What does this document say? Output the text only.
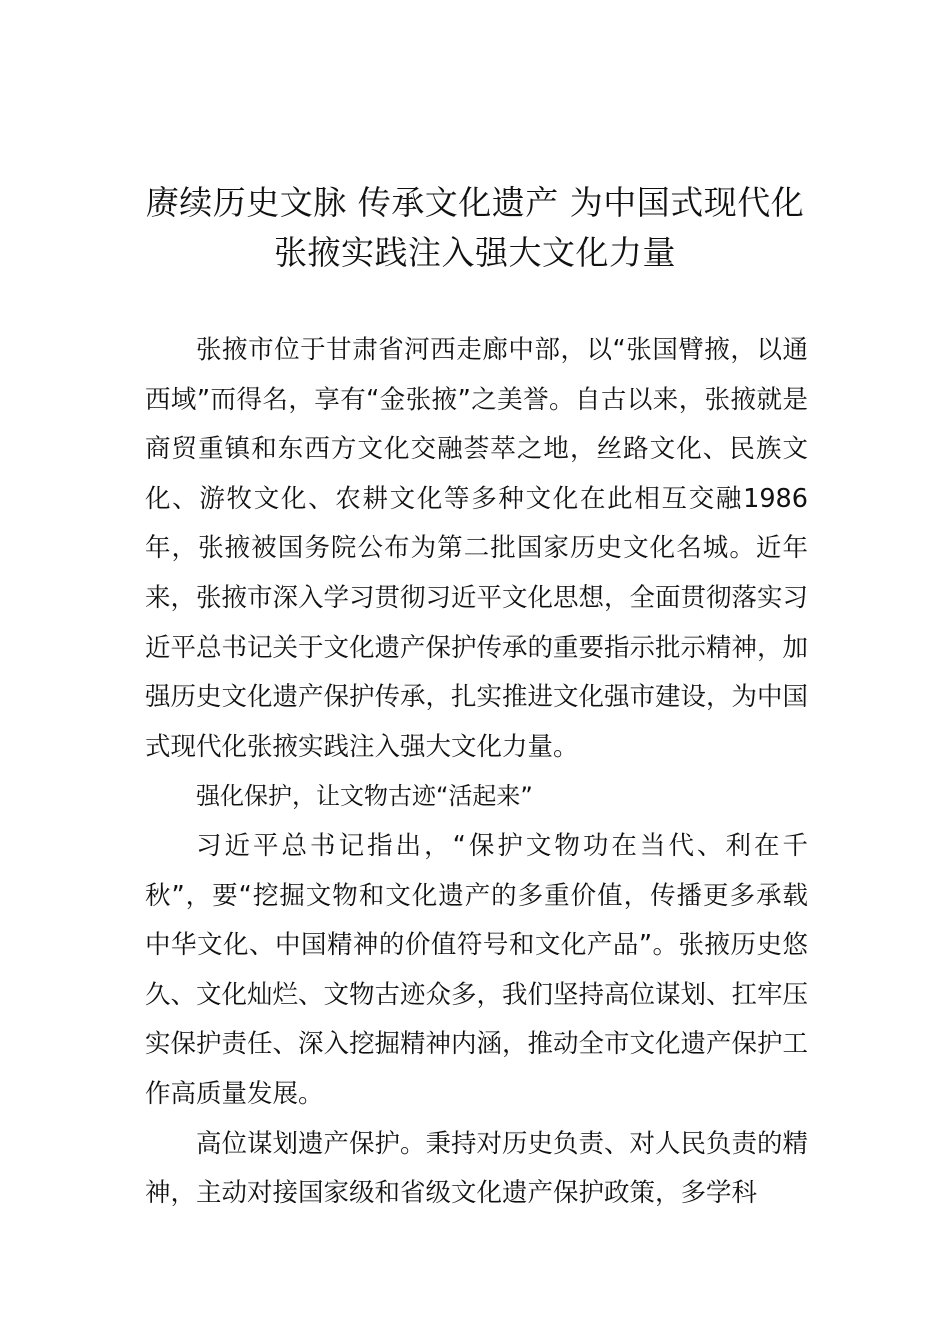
赓续历史文脉 传承文化遗产 为中国式现代化张掖实践注入强大文化力量

张掖市位于甘肃省河西走廊中部，以“张国臂掖，以通西域”而得名，享有“金张掖”之美誉。自古以来，张掖就是商贸重镇和东西方文化交融荟萃之地，丝路文化、民族文化、游牧文化、农耕文化等多种文化在此相互交融1986年，张掖被国务院公布为第二批国家历史文化名城。近年来，张掖市深入学习贯彻习近平文化思想，全面贯彻落实习近平总书记关于文化遗产保护传承的重要指示批示精神，加强历史文化遗产保护传承，扎实推进文化强市建设，为中国式现代化张掖实践注入强大文化力量。

强化保护，让文物古迹“活起来”

习近平总书记指出，“保护文物功在当代、利在千秋”，要“挖掘文物和文化遗产的多重价值，传播更多承载中华文化、中国精神的价值符号和文化产品”。张掖历史悠久、文化灿烂、文物古迹众多，我们坚持高位谋划、扛牢压实保护责任、深入挖掘精神内涵，推动全市文化遗产保护工作高质量发展。

高位谋划遗产保护。秉持对历史负责、对人民负责的精神，主动对接国家级和省级文化遗产保护政策，多学科
